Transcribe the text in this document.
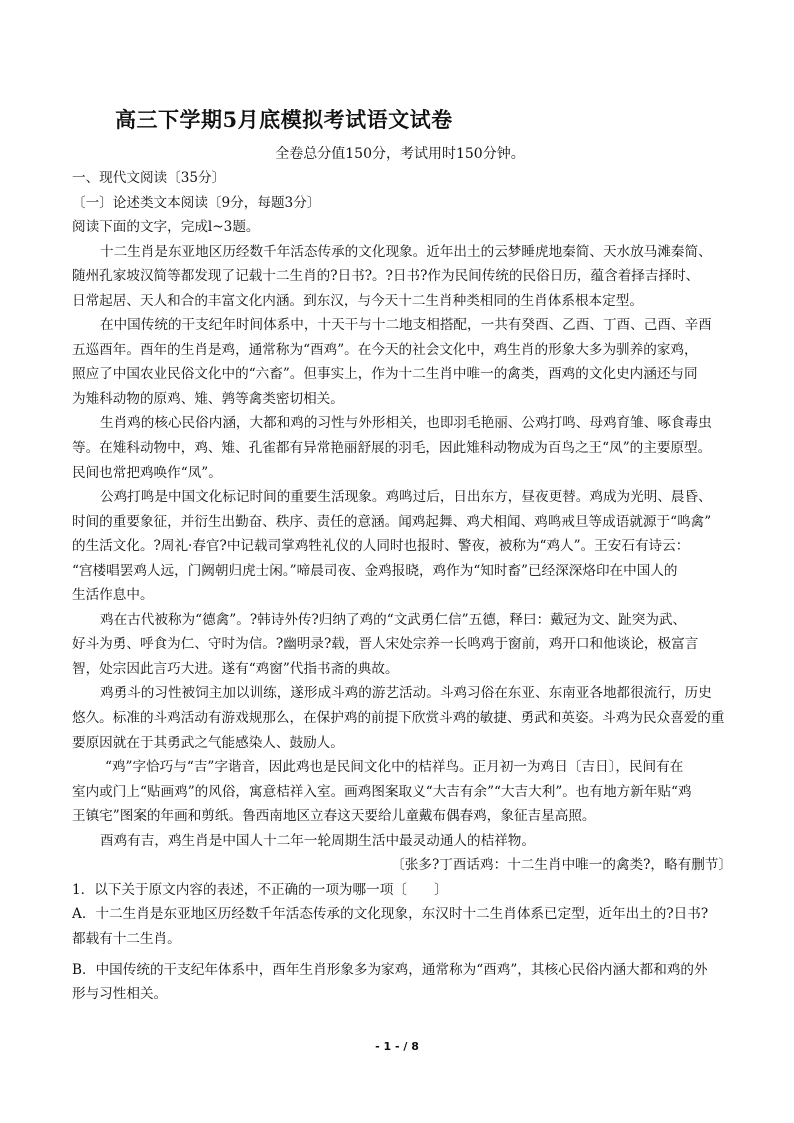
高三下学期5月底模拟考试语文试卷
全卷总分值150分，考试用时150分钟。
一、现代文阅读〔35分〕
〔一〕论述类文本阅读〔9分，每题3分〕
阅读下面的文字，完成l~3题。
十二生肖是东亚地区历经数千年活态传承的文化现象。近年出土的云梦睡虎地秦简、天水放马滩秦简、
随州孔家坡汉简等都发现了记载十二生肖的?日书?。?日书?作为民间传统的民俗日历，蕴含着择吉择时、
日常起居、天人和合的丰富文化内涵。到东汉，与今天十二生肖种类相同的生肖体系根本定型。
在中国传统的干支纪年时间体系中，十天干与十二地支相搭配，一共有癸酉、乙酉、丁酉、己酉、辛酉
五巡酉年。酉年的生肖是鸡，通常称为“酉鸡”。在今天的社会文化中，鸡生肖的形象大多为驯养的家鸡，
照应了中国农业民俗文化中的“六畜”。但事实上，作为十二生肖中唯一的禽类，酉鸡的文化史内涵还与同
为雉科动物的原鸡、雉、鹑等禽类密切相关。
生肖鸡的核心民俗内涵，大都和鸡的习性与外形相关，也即羽毛艳丽、公鸡打鸣、母鸡育雏、啄食毒虫
等。在雉科动物中，鸡、雉、孔雀都有异常艳丽舒展的羽毛，因此雉科动物成为百鸟之王“凤”的主要原型。
民间也常把鸡唤作“凤”。
公鸡打鸣是中国文化标记时间的重要生活现象。鸡鸣过后，日出东方，昼夜更替。鸡成为光明、晨昏、
时间的重要象征，并衍生出勤奋、秩序、责任的意涵。闻鸡起舞、鸡犬相闻、鸡鸣戒旦等成语就源于“鸣禽”
的生活文化。?周礼·春官?中记载司掌鸡牲礼仪的人同时也报时、警夜，被称为“鸡人”。王安石有诗云：
“宫楼唱罢鸡人远，门阙朝归虎士闲。”啼晨司夜、金鸡报晓，鸡作为“知时畜”已经深深烙印在中国人的
生活作息中。
鸡在古代被称为“德禽”。?韩诗外传?归纳了鸡的“文武勇仁信”五德，释曰：戴冠为文、趾突为武、
好斗为勇、呼食为仁、守时为信。?幽明录?载，晋人宋处宗养一长鸣鸡于窗前，鸡开口和他谈论，极富言
智，处宗因此言巧大进。遂有“鸡窗”代指书斋的典故。
鸡勇斗的习性被饲主加以训练，遂形成斗鸡的游艺活动。斗鸡习俗在东亚、东南亚各地都很流行，历史
悠久。标准的斗鸡活动有游戏规那么，在保护鸡的前提下欣赏斗鸡的敏捷、勇武和英姿。斗鸡为民众喜爱的重
要原因就在于其勇武之气能感染人、鼓励人。
“鸡”字恰巧与“吉”字谐音，因此鸡也是民间文化中的桔祥鸟。正月初一为鸡日〔吉日〕，民间有在
室内或门上“贴画鸡”的风俗，寓意桔祥入室。画鸡图案取义“大吉有余”“大吉大利”。也有地方新年贴“鸡
王镇宅”图案的年画和剪纸。鲁西南地区立春这天要给儿童戴布偶春鸡，象征吉星高照。
酉鸡有吉，鸡生肖是中国人十二年一轮周期生活中最灵动通人的桔祥物。
〔张多?丁酉话鸡：十二生肖中唯一的禽类?，略有删节〕
1．以下关于原文内容的表述，不正确的一项为哪一项〔　　〕
A．十二生肖是东亚地区历经数千年活态传承的文化现象，东汉时十二生肖体系已定型，近年出土的?日书?
都载有十二生肖。
B．中国传统的干支纪年体系中，酉年生肖形象多为家鸡，通常称为“酉鸡”，其核心民俗内涵大都和鸡的外
形与习性相关。
- 1 - / 8
